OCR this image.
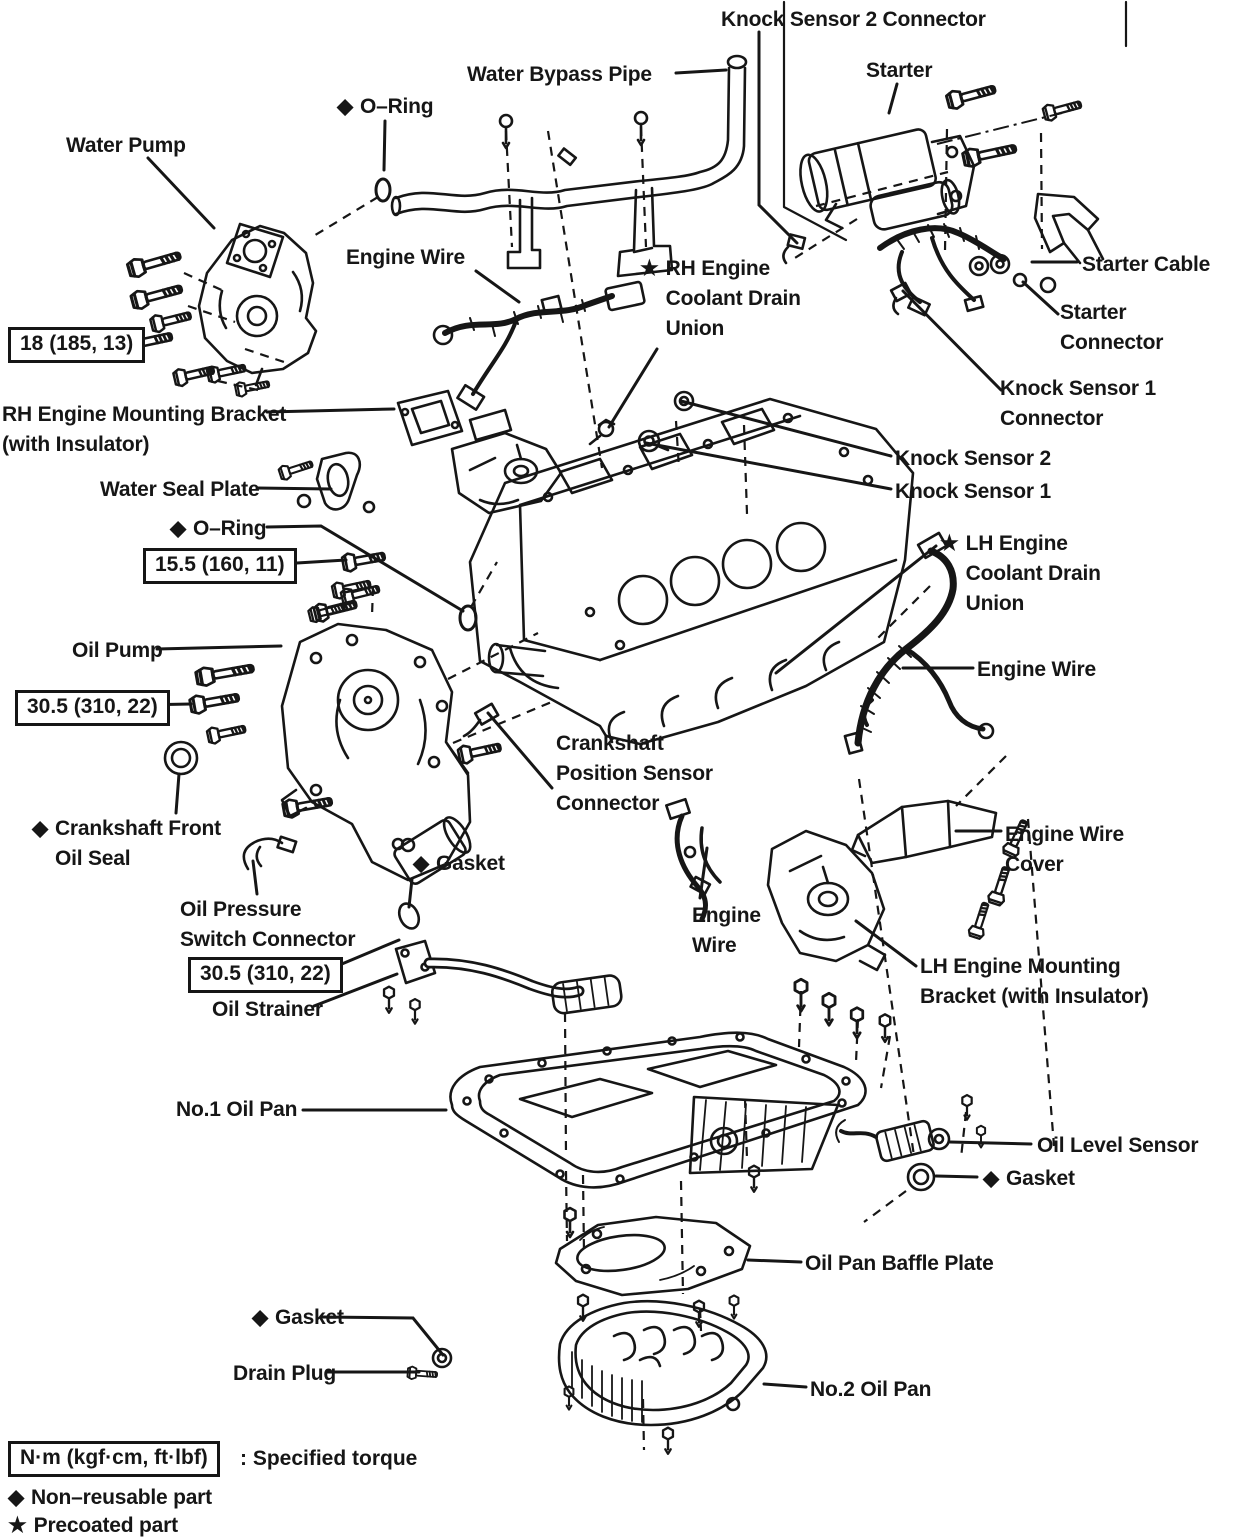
Knock Sensor 2 Connector
Water Bypass Pipe	Starter
◆ O–Ring
Water Pump
Engine Wire	★ RH Engine Coolant Drain Union
Starter Cable
Starter Connector
Knock Sensor 1 Connector
18 (185, 13)
RH Engine Mounting Bracket (with Insulator)
Knock Sensor 2
Knock Sensor 1
Water Seal Plate
◆ O–Ring
15.5 (160, 11)
★ LH Engine Coolant Drain Union
Oil Pump
30.5 (310, 22)
Engine Wire
Crankshaft Position Sensor Connector
◆ Crankshaft Front Oil Seal	◆ Gasket
Engine Wire Cover
Oil Pressure Switch Connector
Engine Wire
30.5 (310, 22)	LH Engine Mounting Bracket (with Insulator)
Oil Strainer
No.1 Oil Pan
Oil Level Sensor
◆ Gasket
Oil Pan Baffle Plate
◆ Gasket
Drain Plug
No.2 Oil Pan
N·m (kgf·cm, ft·lbf)	: Specified torque
◆ Non–reusable part
★ Precoated part
